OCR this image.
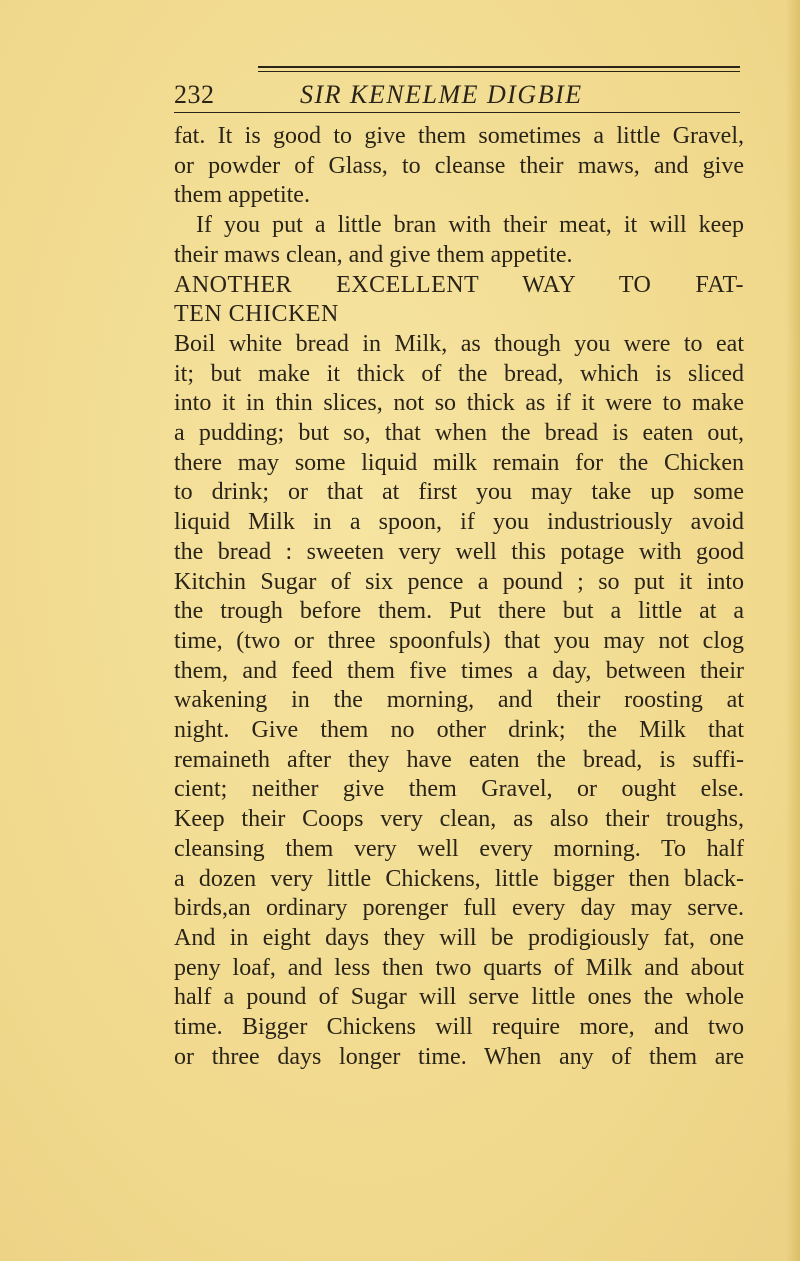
232	SIR KENELME DIGBIE
fat. It is good to give them sometimes a little Gravel,
or powder of Glass, to cleanse their maws, and give
them appetite.
If you put a little bran with their meat, it will keep
their maws clean, and give them appetite.
ANOTHER EXCELLENT WAY TO FAT-
TEN CHICKEN
Boil white bread in Milk, as though you were to eat
it; but make it thick of the bread, which is sliced
into it in thin slices, not so thick as if it were to make
a pudding; but so, that when the bread is eaten out,
there may some liquid milk remain for the Chicken
to drink; or that at first you may take up some
liquid Milk in a spoon, if you industriously avoid
the bread : sweeten very well this potage with good
Kitchin Sugar of six pence a pound ; so put it into
the trough before them. Put there but a little at a
time, (two or three spoonfuls) that you may not clog
them, and feed them five times a day, between their
wakening in the morning, and their roosting at
night. Give them no other drink; the Milk that
remaineth after they have eaten the bread, is suffi-
cient; neither give them Gravel, or ought else.
Keep their Coops very clean, as also their troughs,
cleansing them very well every morning. To half
a dozen very little Chickens, little bigger then black-
birds,an ordinary porenger full every day may serve.
And in eight days they will be prodigiously fat, one
peny loaf, and less then two quarts of Milk and about
half a pound of Sugar will serve little ones the whole
time. Bigger Chickens will require more, and two
or three days longer time. When any of them are
